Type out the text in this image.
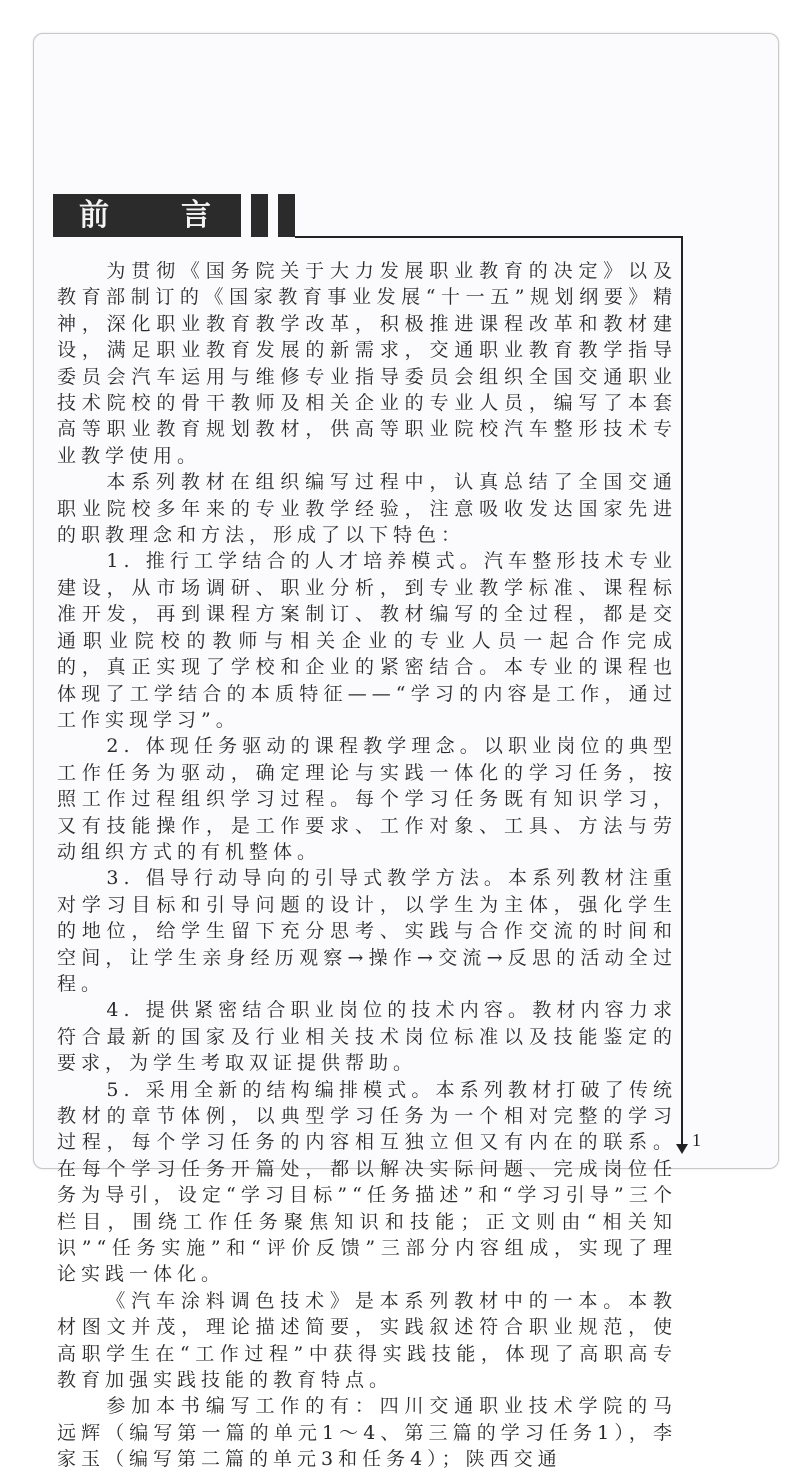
前 言

为贯彻《国务院关于大力发展职业教育的决定》以及教育部制订的《国家教育事业发展“十一五”规划纲要》精神，深化职业教育教学改革，积极推进课程改革和教材建设，满足职业教育发展的新需求，交通职业教育教学指导委员会汽车运用与维修专业指导委员会组织全国交通职业技术院校的骨干教师及相关企业的专业人员，编写了本套高等职业教育规划教材，供高等职业院校汽车整形技术专业教学使用。

本系列教材在组织编写过程中，认真总结了全国交通职业院校多年来的专业教学经验，注意吸收发达国家先进的职教理念和方法，形成了以下特色：

1. 推行工学结合的人才培养模式。汽车整形技术专业建设，从市场调研、职业分析，到专业教学标准、课程标准开发，再到课程方案制订、教材编写的全过程，都是交通职业院校的教师与相关企业的专业人员一起合作完成的，真正实现了学校和企业的紧密结合。本专业的课程也体现了工学结合的本质特征——“学习的内容是工作，通过工作实现学习”。

2. 体现任务驱动的课程教学理念。以职业岗位的典型工作任务为驱动，确定理论与实践一体化的学习任务，按照工作过程组织学习过程。每个学习任务既有知识学习，又有技能操作，是工作要求、工作对象、工具、方法与劳动组织方式的有机整体。

3. 倡导行动导向的引导式教学方法。本系列教材注重对学习目标和引导问题的设计，以学生为主体，强化学生的地位，给学生留下充分思考、实践与合作交流的时间和空间，让学生亲身经历观察→操作→交流→反思的活动全过程。

4. 提供紧密结合职业岗位的技术内容。教材内容力求符合最新的国家及行业相关技术岗位标准以及技能鉴定的要求，为学生考取双证提供帮助。

5. 采用全新的结构编排模式。本系列教材打破了传统教材的章节体例，以典型学习任务为一个相对完整的学习过程，每个学习任务的内容相互独立但又有内在的联系。在每个学习任务开篇处，都以解决实际问题、完成岗位任务为导引，设定“学习目标”“任务描述”和“学习引导”三个栏目，围绕工作任务聚焦知识和技能；正文则由“相关知识”“任务实施”和“评价反馈”三部分内容组成，实现了理论实践一体化。

《汽车涂料调色技术》是本系列教材中的一本。本教材图文并茂，理论描述简要，实践叙述符合职业规范，使高职学生在“工作过程”中获得实践技能，体现了高职高专教育加强实践技能的教育特点。

参加本书编写工作的有：四川交通职业技术学院的马远辉（编写第一篇的单元1～4、第三篇的学习任务1），李家玉（编写第二篇的单元3和任务4）；陕西交通

1
